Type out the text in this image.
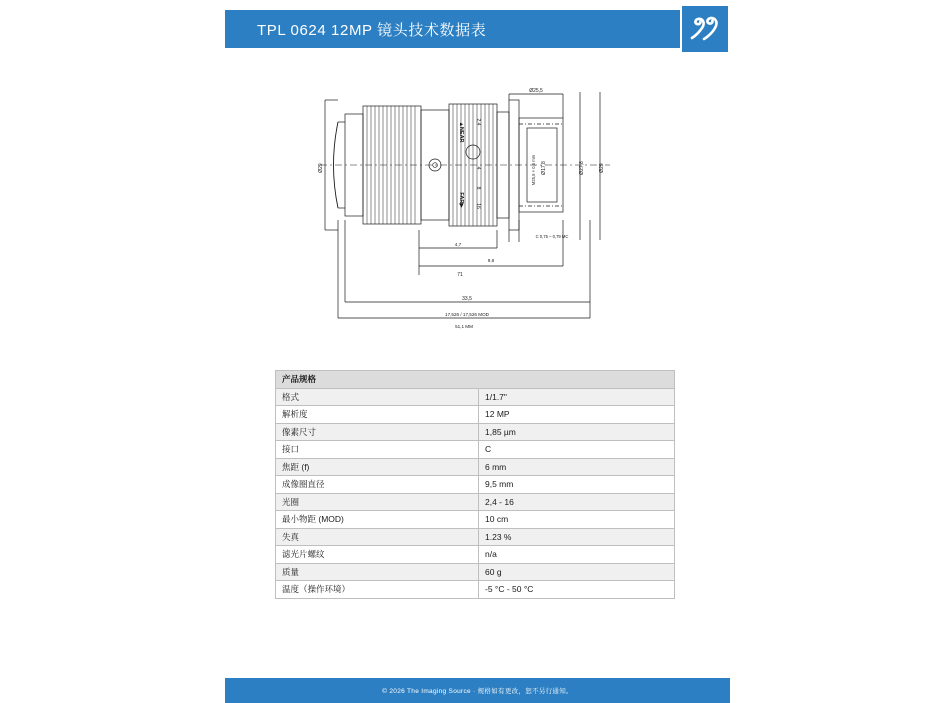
TPL 0624 12MP 镜头技术数据表
Ø29	Ø27,8	Ø29
Ø17,8
M25,5 × 0,5 mm
Ø25,5
▲NEAR
FAR▶
2,4
4
8
16
4,7
9,8
71
33,5
17,526 / 17,526 MOD
51,1 MM
C 0,75 – 0,79 MC
产品规格	
格式	1/1.7"
解析度	12 MP
像素尺寸	1,85 µm
接口	C
焦距 (f)	6 mm
成像圈直径	9,5 mm
光圈	2,4 - 16
最小物距 (MOD)	10 cm
失真	1.23 %
滤光片螺纹	n/a
质量	60 g
温度（操作环境）	-5 °C - 50 °C
© 2026 The Imaging Source · 规格如有更改，恕不另行通知。
